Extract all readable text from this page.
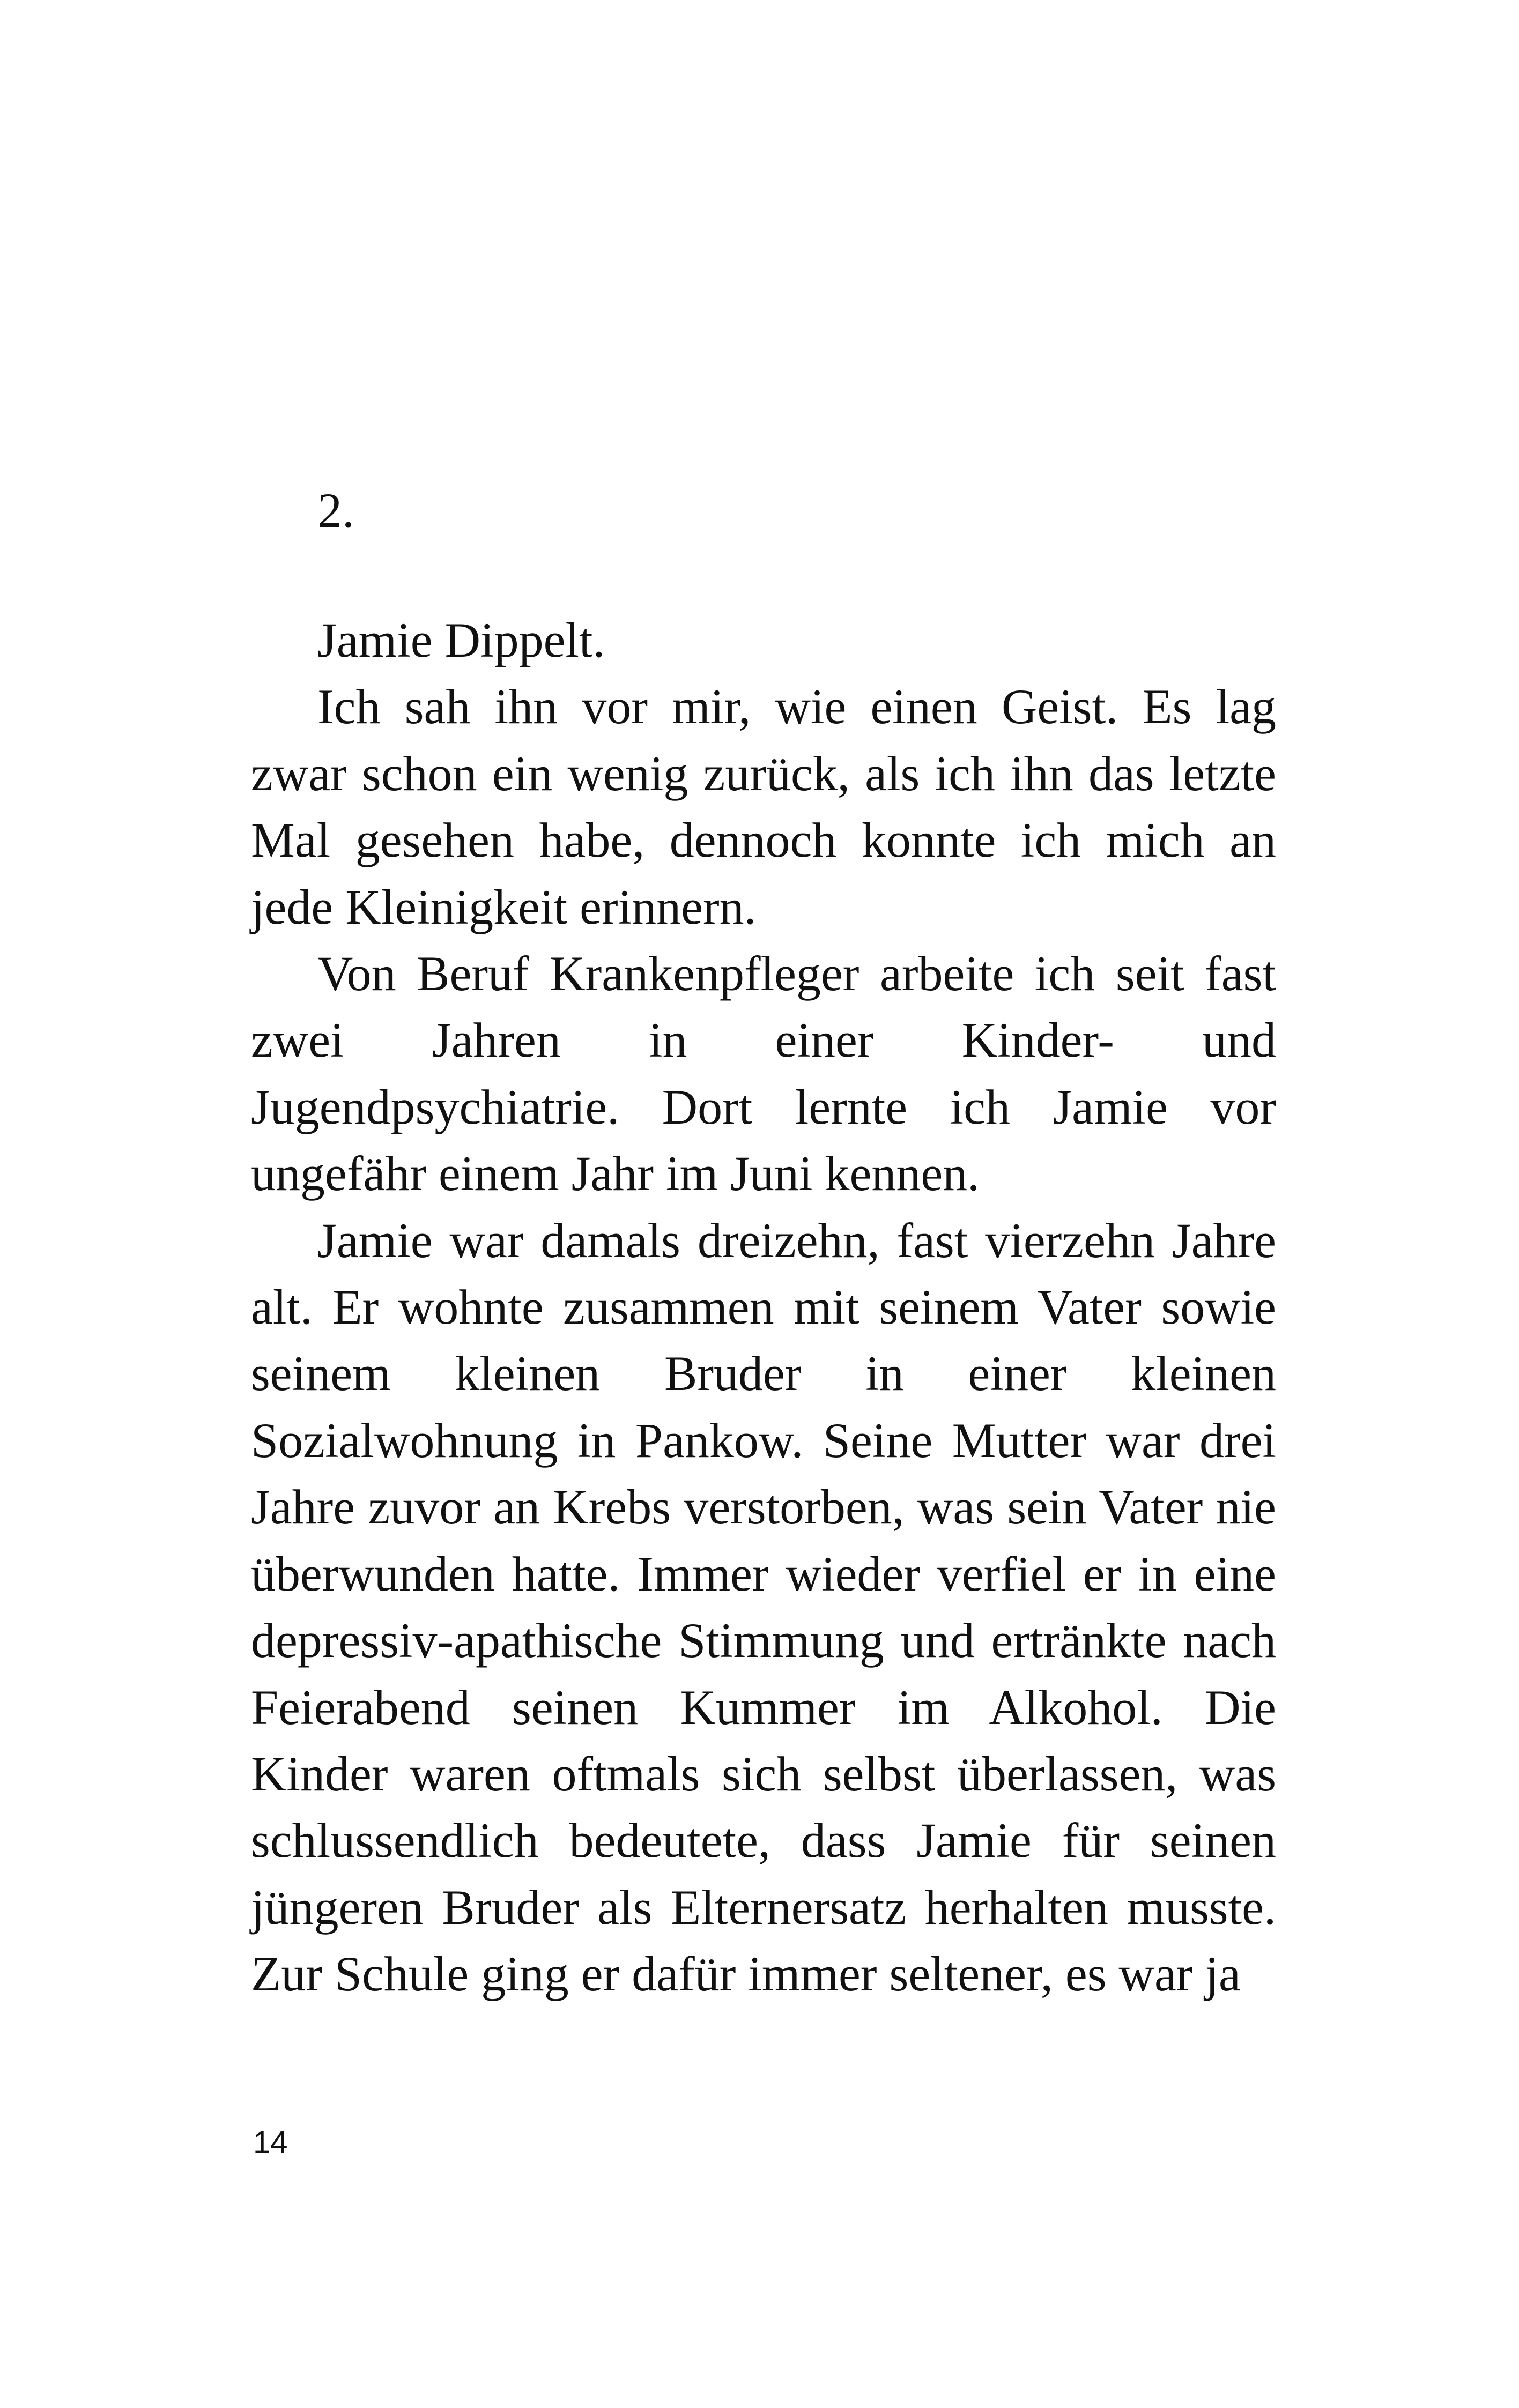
2.

Jamie Dippelt.

Ich sah ihn vor mir, wie einen Geist. Es lag zwar schon ein wenig zurück, als ich ihn das letzte Mal gesehen habe, dennoch konnte ich mich an jede Kleinigkeit erinnern.

Von Beruf Krankenpfleger arbeite ich seit fast zwei Jahren in einer Kinder- und Jugendpsychiatrie. Dort lernte ich Jamie vor ungefähr einem Jahr im Juni kennen.

Jamie war damals dreizehn, fast vierzehn Jahre alt. Er wohnte zusammen mit seinem Vater sowie seinem kleinen Bruder in einer kleinen Sozialwohnung in Pankow. Seine Mutter war drei Jahre zuvor an Krebs verstorben, was sein Vater nie überwunden hatte. Immer wieder verfiel er in eine depressiv-apathische Stimmung und ertränkte nach Feierabend seinen Kummer im Alkohol. Die Kinder waren oftmals sich selbst überlassen, was schlussendlich bedeutete, dass Jamie für seinen jüngeren Bruder als Elternersatz herhalten musste. Zur Schule ging er dafür immer seltener, es war ja

14
